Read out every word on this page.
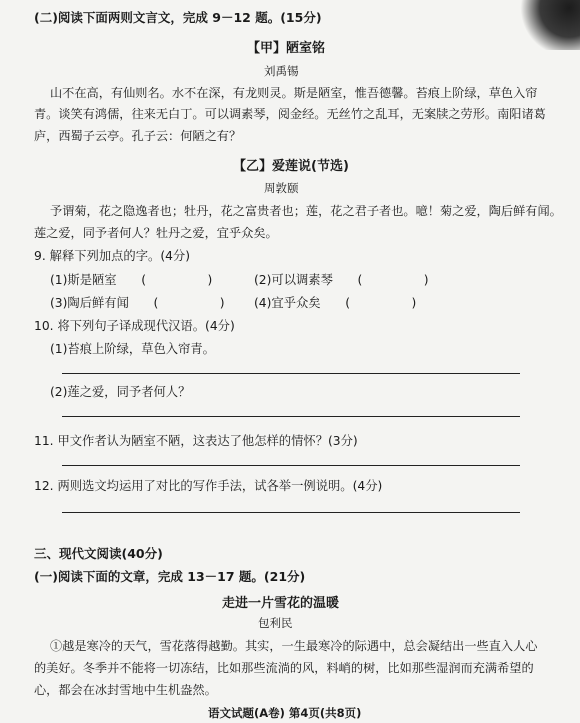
(二)阅读下面两则文言文，完成 9－12 题。(15分)
【甲】陋室铭
刘禹锡
山不在高，有仙则名。水不在深，有龙则灵。斯是陋室，惟吾德馨。苔痕上阶绿，草色入帘
青。谈笑有鸿儒，往来无白丁。可以调素琴，阅金经。无丝竹之乱耳，无案牍之劳形。南阳诸葛
庐，西蜀子云亭。孔子云：何陋之有？
【乙】爱莲说(节选)
周敦颐
予谓菊，花之隐逸者也；牡丹，花之富贵者也；莲，花之君子者也。噫！菊之爱，陶后鲜有闻。
莲之爱，同予者何人？牡丹之爱，宜乎众矣。
9. 解释下列加点的字。(4分)
(1)斯是陋室　　(　　　　　)	(2)可以调素琴　　(　　　　　)
(3)陶后鲜有闻　　(　　　　　) (4)宜乎众矣　　(　　　　　)
10. 将下列句子译成现代汉语。(4分)
(1)苔痕上阶绿，草色入帘青。
(2)莲之爱，同予者何人？
11. 甲文作者认为陋室不陋，这表达了他怎样的情怀？(3分)
12. 两则选文均运用了对比的写作手法，试各举一例说明。(4分)
三、现代文阅读(40分)
(一)阅读下面的文章，完成 13－17 题。(21分)
走进一片雪花的温暖
包利民
①越是寒冷的天气，雪花落得越勤。其实，一生最寒冷的际遇中，总会凝结出一些直入人心
的美好。冬季并不能将一切冻结，比如那些流淌的风，料峭的树，比如那些湿润而充满希望的
心，都会在冰封雪地中生机盎然。
语文试题(A卷) 第4页(共8页)
